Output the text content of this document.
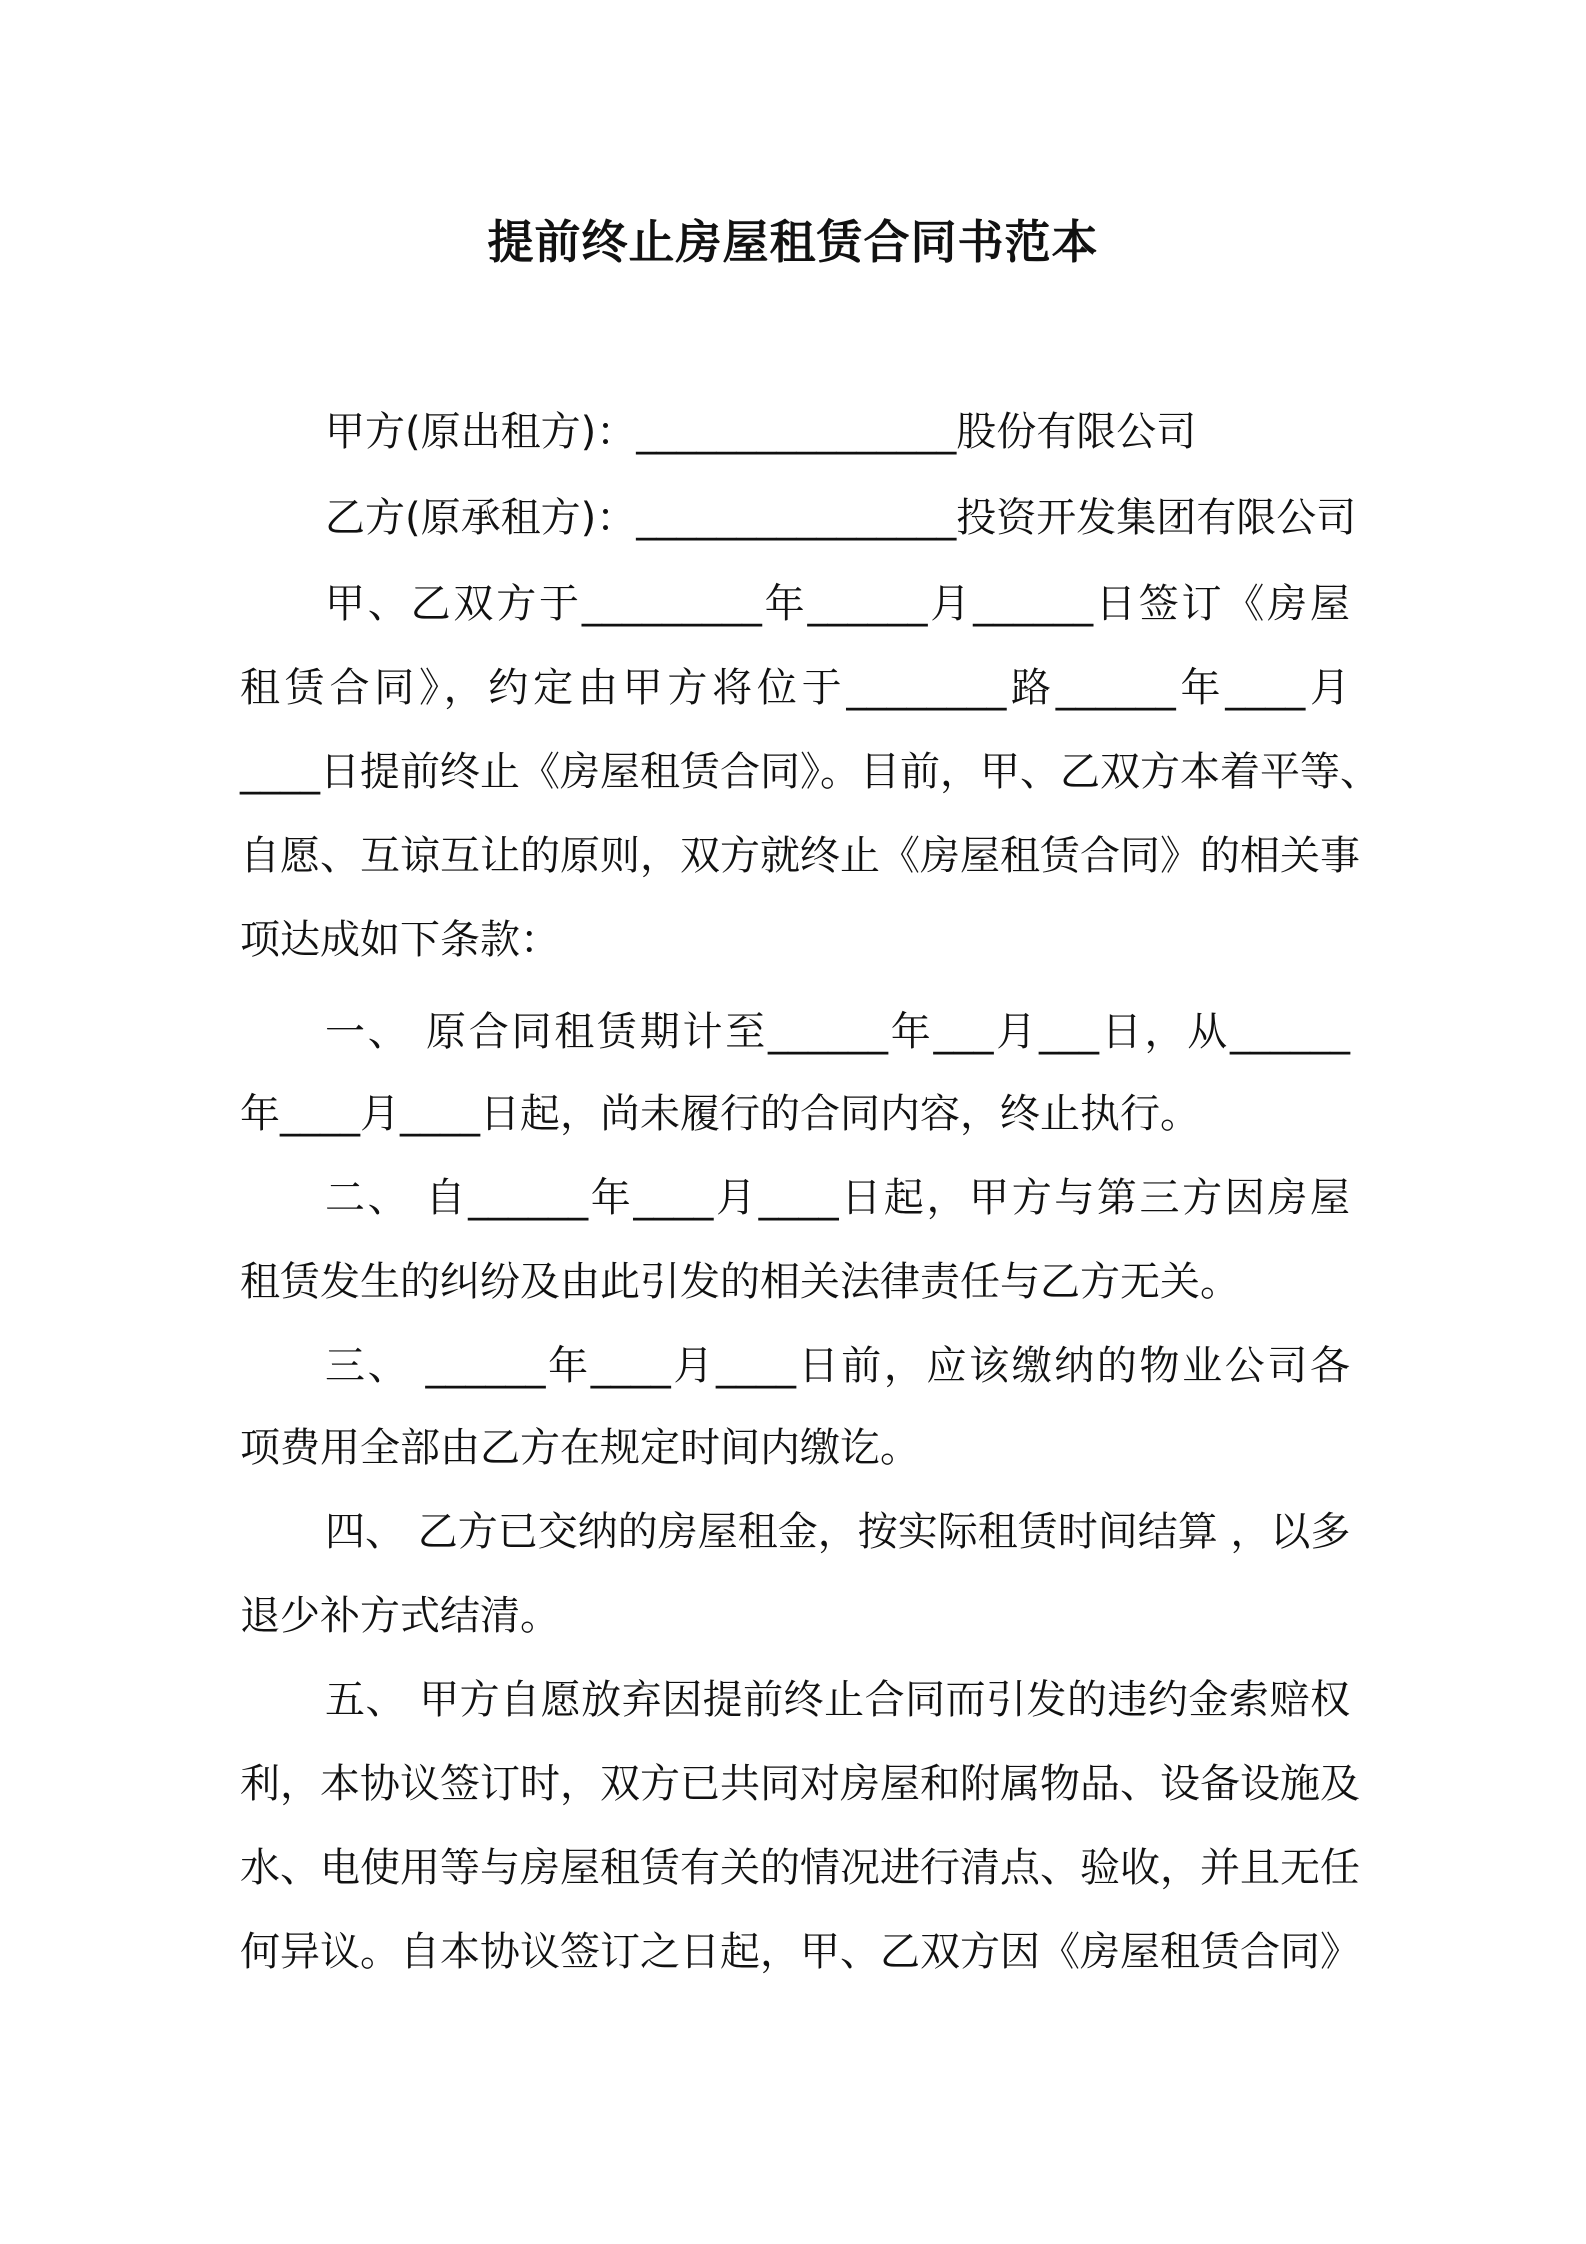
提前终止房屋租赁合同书范本
甲方(原出租方)：________________股份有限公司
乙方(原承租方)：________________投资开发集团有限公司
甲、乙双方于_________年______月______日签订《房屋
租赁合同》，约定由甲方将位于________路______年____月
____日提前终止《房屋租赁合同》。目前，甲、乙双方本着平等、
自愿、互谅互让的原则，双方就终止《房屋租赁合同》的相关事
项达成如下条款：
一、 原合同租赁期计至______年___月___日，从______
年____月____日起，尚未履行的合同内容，终止执行。
二、 自______年____月____日起，甲方与第三方因房屋
租赁发生的纠纷及由此引发的相关法律责任与乙方无关。
三、 ______年____月____日前，应该缴纳的物业公司各
项费用全部由乙方在规定时间内缴讫。
四、 乙方已交纳的房屋租金，按实际租赁时间结算 ，以多
退少补方式结清。
五、 甲方自愿放弃因提前终止合同而引发的违约金索赔权
利，本协议签订时，双方已共同对房屋和附属物品、设备设施及
水、电使用等与房屋租赁有关的情况进行清点、验收，并且无任
何异议。自本协议签订之日起，甲、乙双方因《房屋租赁合同》
